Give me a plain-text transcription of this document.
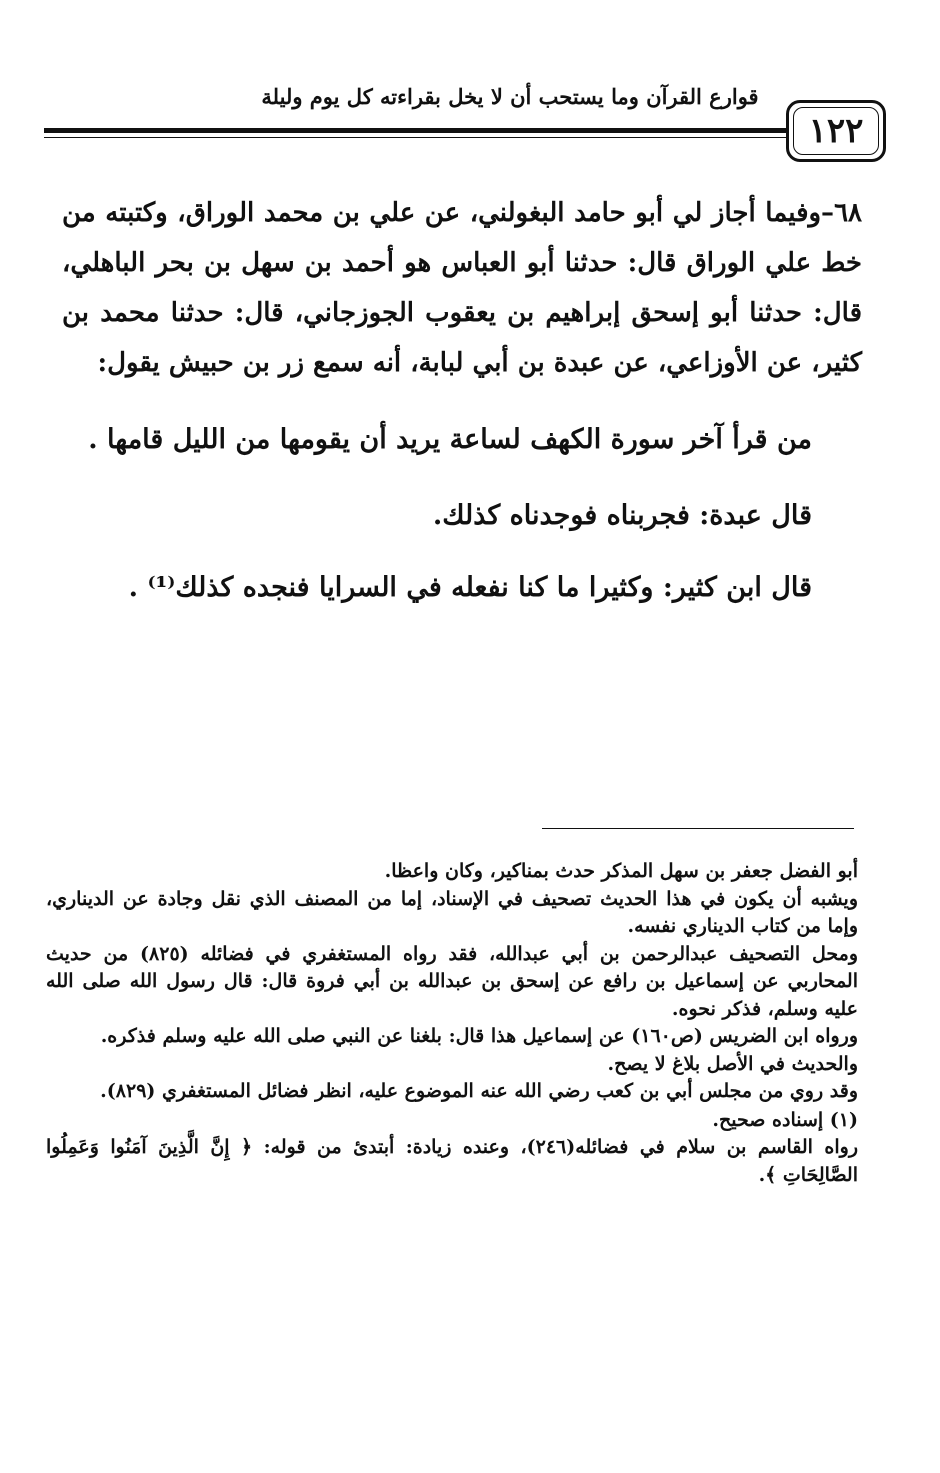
قوارع القرآن وما يستحب أن لا يخل بقراءته كل يوم وليلة
١٢٢

٦٨–وفيما أجاز لي أبو حامد البغولني، عن علي بن محمد الوراق، وكتبته من خط علي الوراق قال: حدثنا أبو العباس هو أحمد بن سهل بن بحر الباهلي، قال: حدثنا أبو إسحق إبراهيم بن يعقوب الجوزجاني، قال: حدثنا محمد بن كثير، عن الأوزاعي، عن عبدة بن أبي لبابة، أنه سمع زر بن حبيش يقول:

من قرأ آخر سورة الكهف لساعة يريد أن يقومها من الليل قامها .

قال عبدة: فجربناه فوجدناه كذلك.

قال ابن كثير: وكثيرا ما كنا نفعله في السرايا فنجده كذلك⁽¹⁾ .

أبو الفضل جعفر بن سهل المذكر حدث بمناكير، وكان واعظا.

ويشبه أن يكون في هذا الحديث تصحيف في الإسناد، إما من المصنف الذي نقل وجادة عن الديناري، وإما من كتاب الديناري نفسه.

ومحل التصحيف عبدالرحمن بن أبي عبدالله، فقد رواه المستغفري في فضائله (٨٢٥) من حديث المحاربي عن إسماعيل بن رافع عن إسحق بن عبدالله بن أبي فروة قال: قال رسول الله صلى الله عليه وسلم، فذكر نحوه.

ورواه ابن الضريس (ص١٦٠) عن إسماعيل هذا قال: بلغنا عن النبي صلى الله عليه وسلم فذكره.

والحديث في الأصل بلاغ لا يصح.

وقد روي من مجلس أبي بن كعب رضي الله عنه الموضوع عليه، انظر فضائل المستغفري (٨٢٩).

(١) إسناده صحيح.

رواه القاسم بن سلام في فضائله(٢٤٦)، وعنده زيادة: أبتدئ من قوله: ﴿ إِنَّ الَّذِينَ آمَنُوا وَعَمِلُوا الصَّالِحَاتِ ﴾.
